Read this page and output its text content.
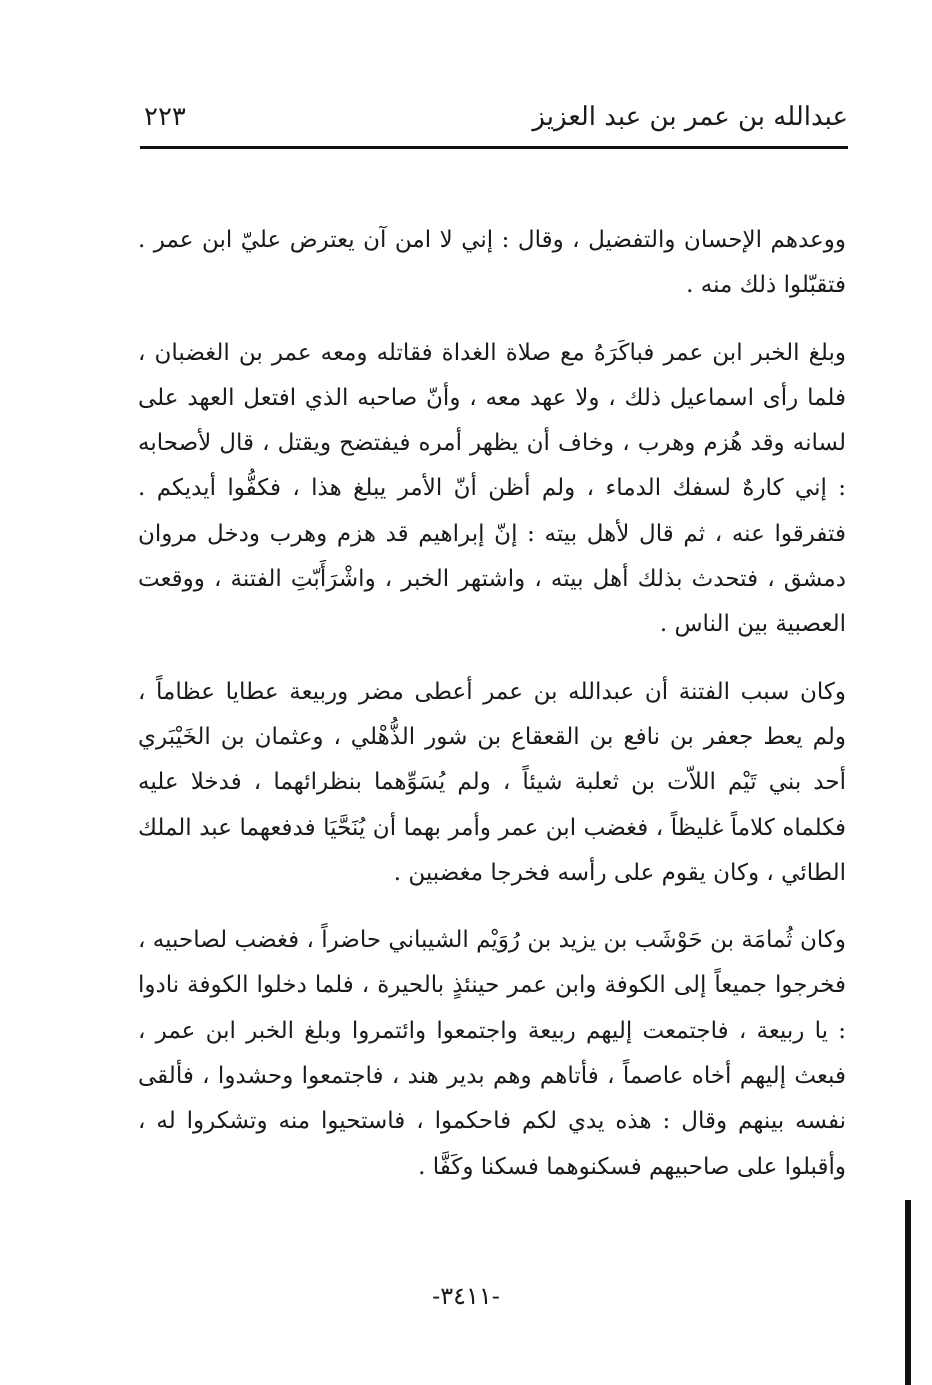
عبدالله بن عمر بن عبد العزيز
٢٢٣

ووعدهم الإحسان والتفضيل ، وقال : إني لا امن آن يعترض عليّ ابن عمر . فتقبّلوا ذلك منه .

وبلغ الخبر ابن عمر فباكَرَهُ مع صلاة الغداة فقاتله ومعه عمر بن الغضبان ، فلما رأى اسماعيل ذلك ، ولا عهد معه ، وأنّ صاحبه الذي افتعل العهد على لسانه وقد هُزم وهرب ، وخاف أن يظهر أمره فيفتضح ويقتل ، قال لأصحابه : إني كارهٌ لسفك الدماء ، ولم أظن أنّ الأمر يبلغ هذا ، فكفُّوا أيديكم . فتفرقوا عنه ، ثم قال لأهل بيته : إنّ إبراهيم قد هزم وهرب ودخل مروان دمشق ، فتحدث بذلك أهل بيته ، واشتهر الخبر ، واشْرَأَبّتِ الفتنة ، ووقعت العصبية بين الناس .

وكان سبب الفتنة أن عبدالله بن عمر أعطى مضر وربيعة عطايا عظاماً ، ولم يعط جعفر بن نافع بن القعقاع بن شور الذُّهْلي ، وعثمان بن الخَيْبَري أحد بني تَيْم اللاّت بن ثعلبة شيئاً ، ولم يُسَوِّهما بنظرائهما ، فدخلا عليه فكلماه كلاماً غليظاً ، فغضب ابن عمر وأمر بهما أن يُنَحَّيَا فدفعهما عبد الملك الطائي ، وكان يقوم على رأسه فخرجا مغضبين .

وكان ثُمامَة بن حَوْشَب بن يزيد بن رُوَيْم الشيباني حاضراً ، فغضب لصاحبيه ، فخرجوا جميعاً إلى الكوفة وابن عمر حينئذٍ بالحيرة ، فلما دخلوا الكوفة نادوا : يا ربيعة ، فاجتمعت إليهم ربيعة واجتمعوا وائتمروا وبلغ الخبر ابن عمر ، فبعث إليهم أخاه عاصماً ، فأتاهم وهم بدير هند ، فاجتمعوا وحشدوا ، فألقى نفسه بينهم وقال : هذه يدي لكم فاحكموا ، فاستحيوا منه وتشكروا له ، وأقبلوا على صاحبيهم فسكنوهما فسكنا وكَفَّا .

-٣٤١١-
